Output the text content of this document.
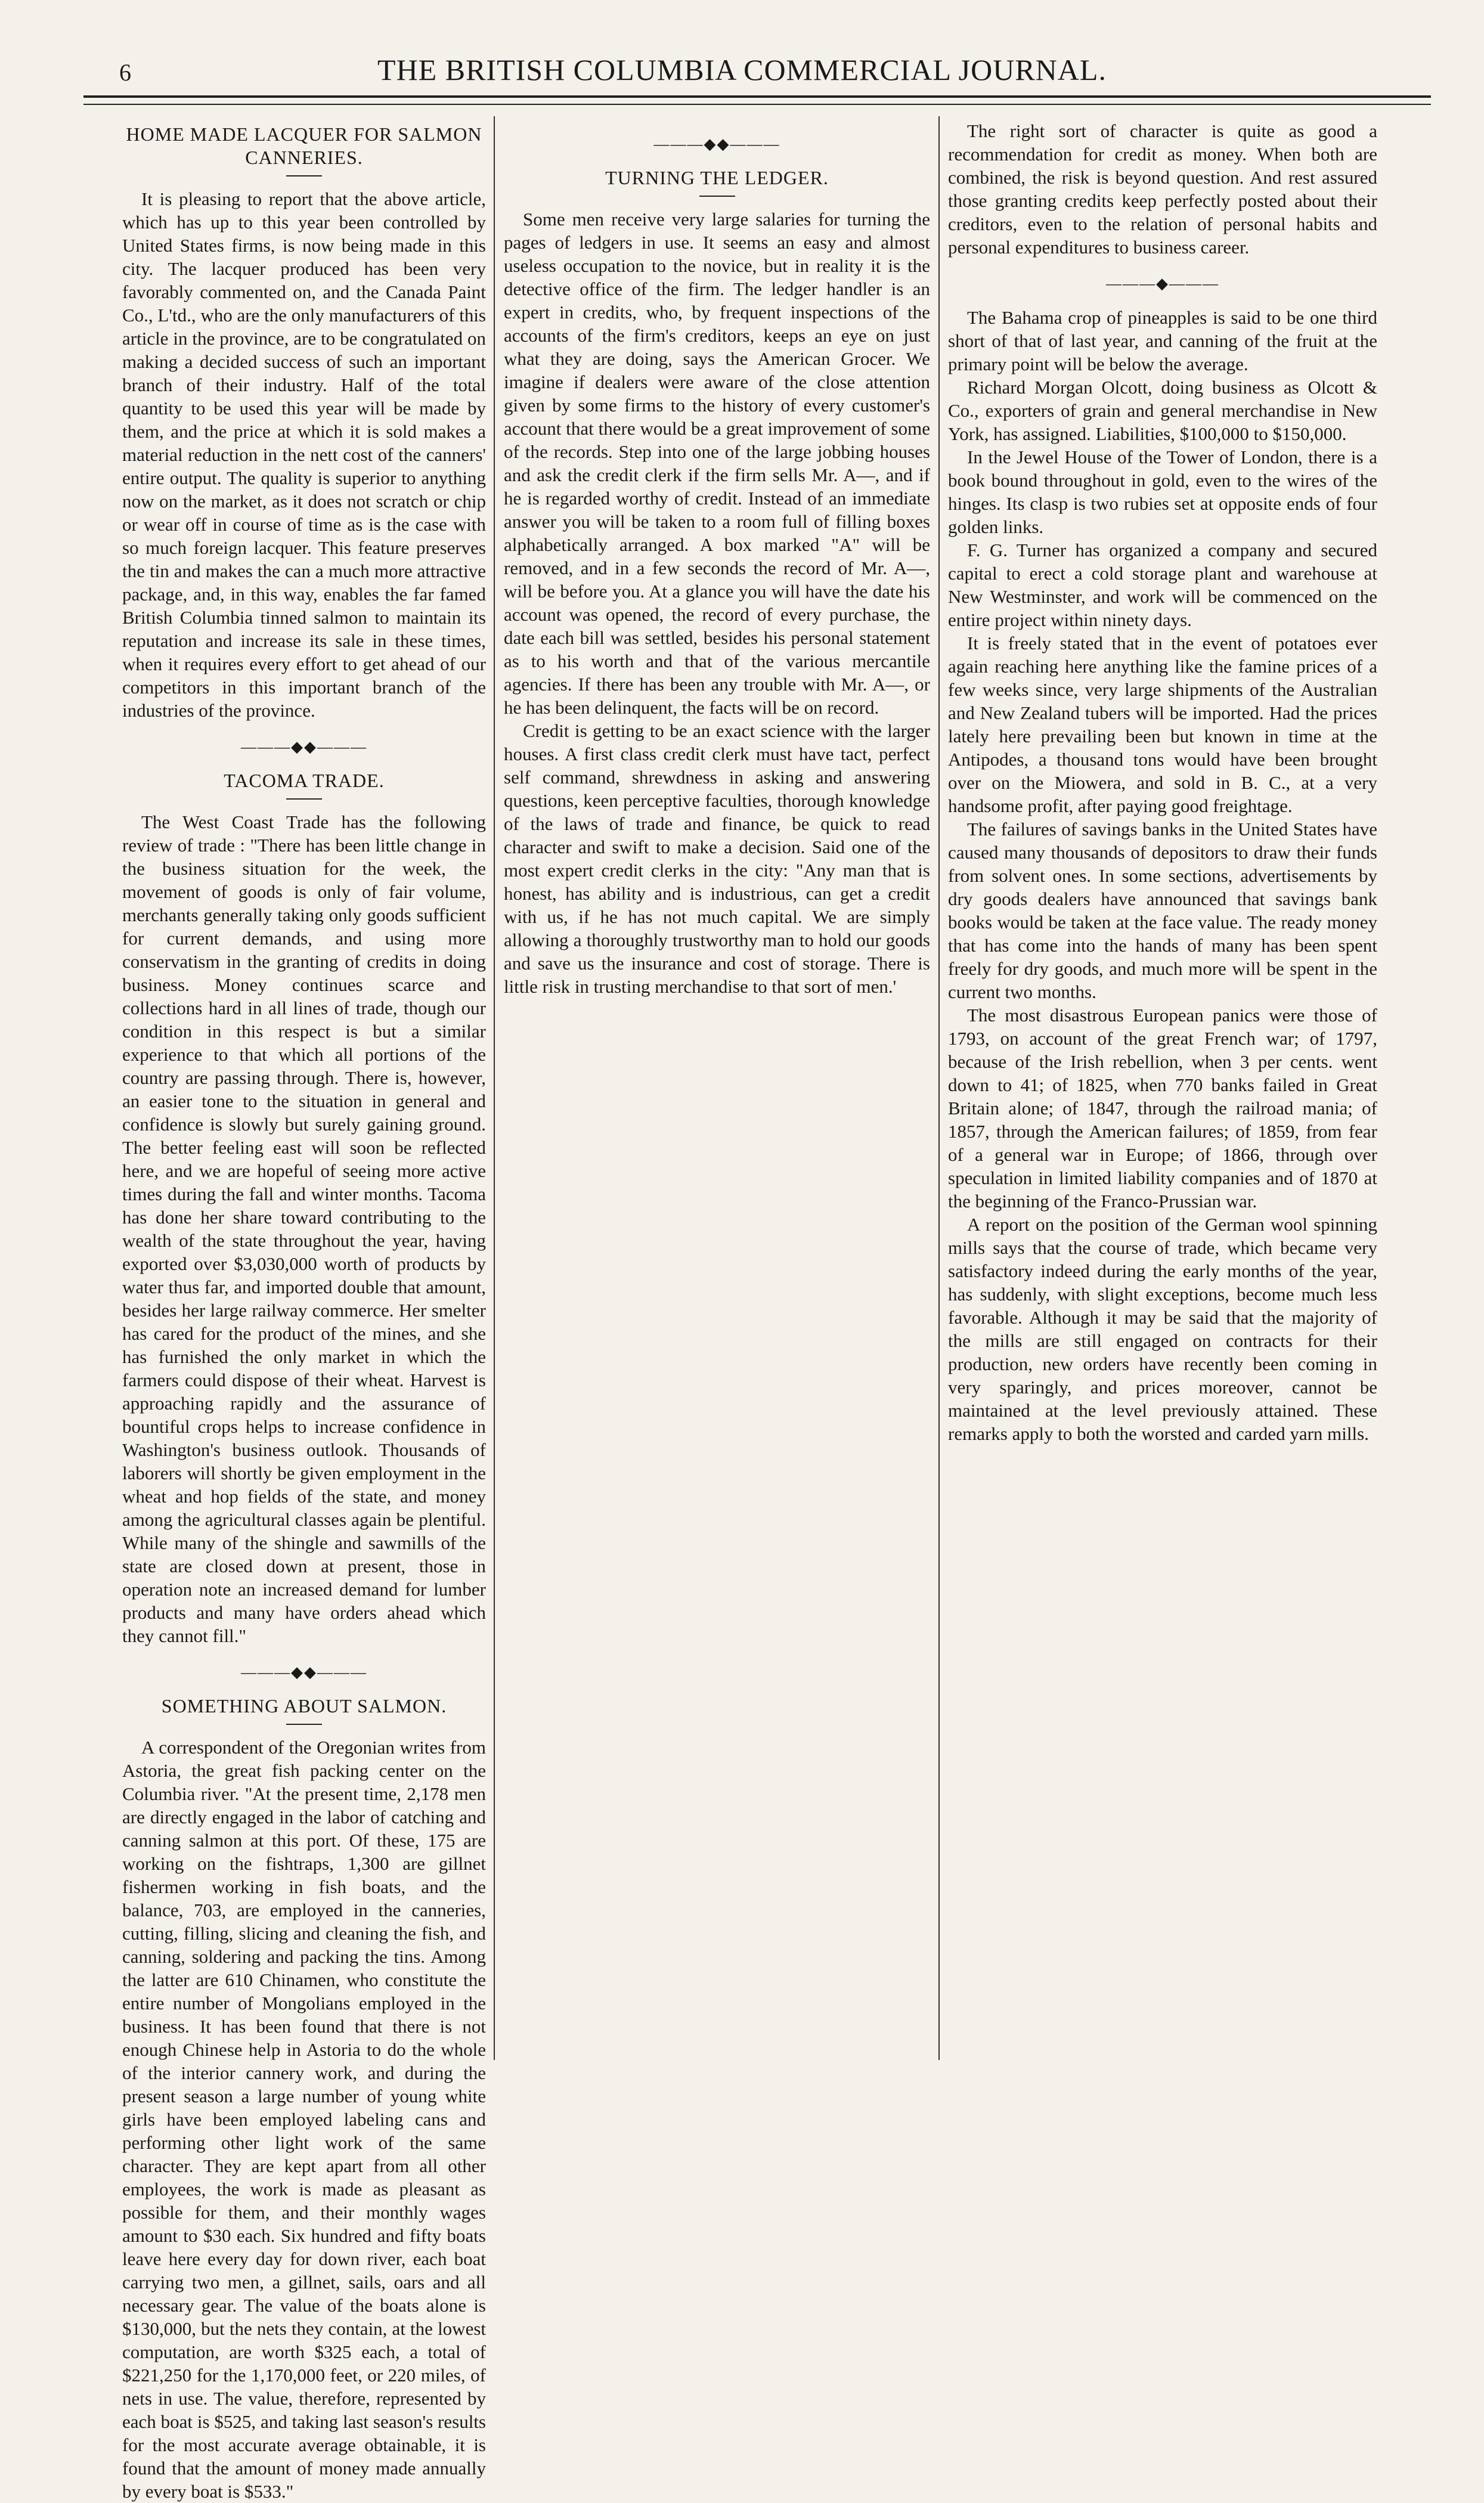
6	THE BRITISH COLUMBIA COMMERCIAL JOURNAL.
HOME MADE LACQUER FOR SALMON CANNERIES.

It is pleasing to report that the above article, which has up to this year been controlled by United States firms, is now being made in this city. The lacquer produced has been very favorably commented on, and the Canada Paint Co., L'td., who are the only manufacturers of this article in the province, are to be congratulated on making a decided success of such an important branch of their industry. Half of the total quantity to be used this year will be made by them, and the price at which it is sold makes a material reduction in the nett cost of the canners' entire output. The quality is superior to anything now on the market, as it does not scratch or chip or wear off in course of time as is the case with so much foreign lacquer. This feature preserves the tin and makes the can a much more attractive package, and, in this way, enables the far famed British Columbia tinned salmon to maintain its reputation and increase its sale in these times, when it requires every effort to get ahead of our competitors in this important branch of the industries of the province.

———◆◆———
TACOMA TRADE.

The West Coast Trade has the following review of trade : "There has been little change in the business situation for the week, the movement of goods is only of fair volume, merchants generally taking only goods sufficient for current demands, and using more conservatism in the granting of credits in doing business. Money continues scarce and collections hard in all lines of trade, though our condition in this respect is but a similar experience to that which all portions of the country are passing through. There is, however, an easier tone to the situation in general and confidence is slowly but surely gaining ground. The better feeling east will soon be reflected here, and we are hopeful of seeing more active times during the fall and winter months. Tacoma has done her share toward contributing to the wealth of the state throughout the year, having exported over $3,030,000 worth of products by water thus far, and imported double that amount, besides her large railway commerce. Her smelter has cared for the product of the mines, and she has furnished the only market in which the farmers could dispose of their wheat. Harvest is approaching rapidly and the assurance of bountiful crops helps to increase confidence in Washington's business outlook. Thousands of laborers will shortly be given employment in the wheat and hop fields of the state, and money among the agricultural classes again be plentiful. While many of the shingle and sawmills of the state are closed down at present, those in operation note an increased demand for lumber products and many have orders ahead which they cannot fill."

———◆◆———
SOMETHING ABOUT SALMON.

A correspondent of the Oregonian writes from Astoria, the great fish packing center on the Columbia river. "At the present time, 2,178 men are directly engaged in the labor of catching and canning salmon at this port. Of these, 175 are working on the fishtraps, 1,300 are gillnet fishermen working in fish boats, and the balance, 703, are employed in the canneries, cutting, filling, slicing and cleaning the fish, and canning, soldering and packing the tins. Among the latter are 610 Chinamen, who constitute the entire number of Mongolians employed in the business. It has been found that there is not enough Chinese help in Astoria to do the whole of the interior cannery work, and during the present season a large number of young white girls have been employed labeling cans and performing other light work of the same character. They are kept apart from all other employees, the work is made as pleasant as possible for them, and their monthly wages amount to $30 each. Six hundred and fifty boats leave here every day for down river, each boat carrying two men, a gillnet, sails, oars and all necessary gear. The value of the boats alone is $130,000, but the nets they contain, at the lowest computation, are worth $325 each, a total of $221,250 for the 1,170,000 feet, or 220 miles, of nets in use. The value, therefore, represented by each boat is $525, and taking last season's results for the most accurate average obtainable, it is found that the amount of money made annually by every boat is $533."

———◆◆———
TURNING THE LEDGER.

Some men receive very large salaries for turning the pages of ledgers in use. It seems an easy and almost useless occupation to the novice, but in reality it is the detective office of the firm. The ledger handler is an expert in credits, who, by frequent inspections of the accounts of the firm's creditors, keeps an eye on just what they are doing, says the American Grocer. We imagine if dealers were aware of the close attention given by some firms to the history of every customer's account that there would be a great improvement of some of the records. Step into one of the large jobbing houses and ask the credit clerk if the firm sells Mr. A—, and if he is regarded worthy of credit. Instead of an immediate answer you will be taken to a room full of filling boxes alphabetically arranged. A box marked "A" will be removed, and in a few seconds the record of Mr. A—, will be before you. At a glance you will have the date his account was opened, the record of every purchase, the date each bill was settled, besides his personal statement as to his worth and that of the various mercantile agencies. If there has been any trouble with Mr. A—, or he has been delinquent, the facts will be on record.

Credit is getting to be an exact science with the larger houses. A first class credit clerk must have tact, perfect self command, shrewdness in asking and answering questions, keen perceptive faculties, thorough knowledge of the laws of trade and finance, be quick to read character and swift to make a decision. Said one of the most expert credit clerks in the city: "Any man that is honest, has ability and is industrious, can get a credit with us, if he has not much capital. We are simply allowing a thoroughly trustworthy man to hold our goods and save us the insurance and cost of storage. There is little risk in trusting merchandise to that sort of men.'

The right sort of character is quite as good a recommendation for credit as money. When both are combined, the risk is beyond question. And rest assured those granting credits keep perfectly posted about their creditors, even to the relation of personal habits and personal expenditures to business career.

———◆———

The Bahama crop of pineapples is said to be one third short of that of last year, and canning of the fruit at the primary point will be below the average.

Richard Morgan Olcott, doing business as Olcott & Co., exporters of grain and general merchandise in New York, has assigned. Liabilities, $100,000 to $150,000.

In the Jewel House of the Tower of London, there is a book bound throughout in gold, even to the wires of the hinges. Its clasp is two rubies set at opposite ends of four golden links.

F. G. Turner has organized a company and secured capital to erect a cold storage plant and warehouse at New Westminster, and work will be commenced on the entire project within ninety days.

It is freely stated that in the event of potatoes ever again reaching here anything like the famine prices of a few weeks since, very large shipments of the Australian and New Zealand tubers will be imported. Had the prices lately here prevailing been but known in time at the Antipodes, a thousand tons would have been brought over on the Miowera, and sold in B. C., at a very handsome profit, after paying good freightage.

The failures of savings banks in the United States have caused many thousands of depositors to draw their funds from solvent ones. In some sections, advertisements by dry goods dealers have announced that savings bank books would be taken at the face value. The ready money that has come into the hands of many has been spent freely for dry goods, and much more will be spent in the current two months.

The most disastrous European panics were those of 1793, on account of the great French war; of 1797, because of the Irish rebellion, when 3 per cents. went down to 41; of 1825, when 770 banks failed in Great Britain alone; of 1847, through the railroad mania; of 1857, through the American failures; of 1859, from fear of a general war in Europe; of 1866, through over speculation in limited liability companies and of 1870 at the beginning of the Franco-Prussian war.

A report on the position of the German wool spinning mills says that the course of trade, which became very satisfactory indeed during the early months of the year, has suddenly, with slight exceptions, become much less favorable. Although it may be said that the majority of the mills are still engaged on contracts for their production, new orders have recently been coming in very sparingly, and prices moreover, cannot be maintained at the level previously attained. These remarks apply to both the worsted and carded yarn mills.
